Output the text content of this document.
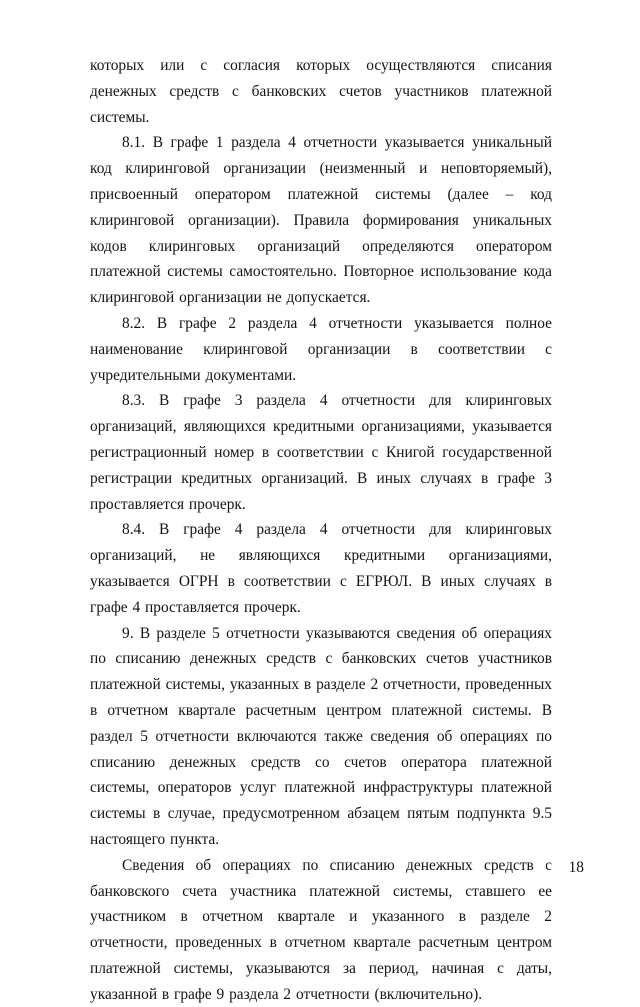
которых или с согласия которых осуществляются списания денежных средств с банковских счетов участников платежной системы.

8.1. В графе 1 раздела 4 отчетности указывается уникальный код клиринговой организации (неизменный и неповторяемый), присвоенный оператором платежной системы (далее – код клиринговой организации). Правила формирования уникальных кодов клиринговых организаций определяются оператором платежной системы самостоятельно. Повторное использование кода клиринговой организации не допускается.

8.2. В графе 2 раздела 4 отчетности указывается полное наименование клиринговой организации в соответствии с учредительными документами.

8.3. В графе 3 раздела 4 отчетности для клиринговых организаций, являющихся кредитными организациями, указывается регистрационный номер в соответствии с Книгой государственной регистрации кредитных организаций. В иных случаях в графе 3 проставляется прочерк.

8.4. В графе 4 раздела 4 отчетности для клиринговых организаций, не являющихся кредитными организациями, указывается ОГРН в соответствии с ЕГРЮЛ. В иных случаях в графе 4 проставляется прочерк.

9. В разделе 5 отчетности указываются сведения об операциях по списанию денежных средств с банковских счетов участников платежной системы, указанных в разделе 2 отчетности, проведенных в отчетном квартале расчетным центром платежной системы. В раздел 5 отчетности включаются также сведения об операциях по списанию денежных средств со счетов оператора платежной системы, операторов услуг платежной инфраструктуры платежной системы в случае, предусмотренном абзацем пятым подпункта 9.5 настоящего пункта.

Сведения об операциях по списанию денежных средств с банковского счета участника платежной системы, ставшего ее участником в отчетном квартале и указанного в разделе 2 отчетности, проведенных в отчетном квартале расчетным центром платежной системы, указываются за период, начиная с даты, указанной в графе 9 раздела 2 отчетности (включительно).

18
